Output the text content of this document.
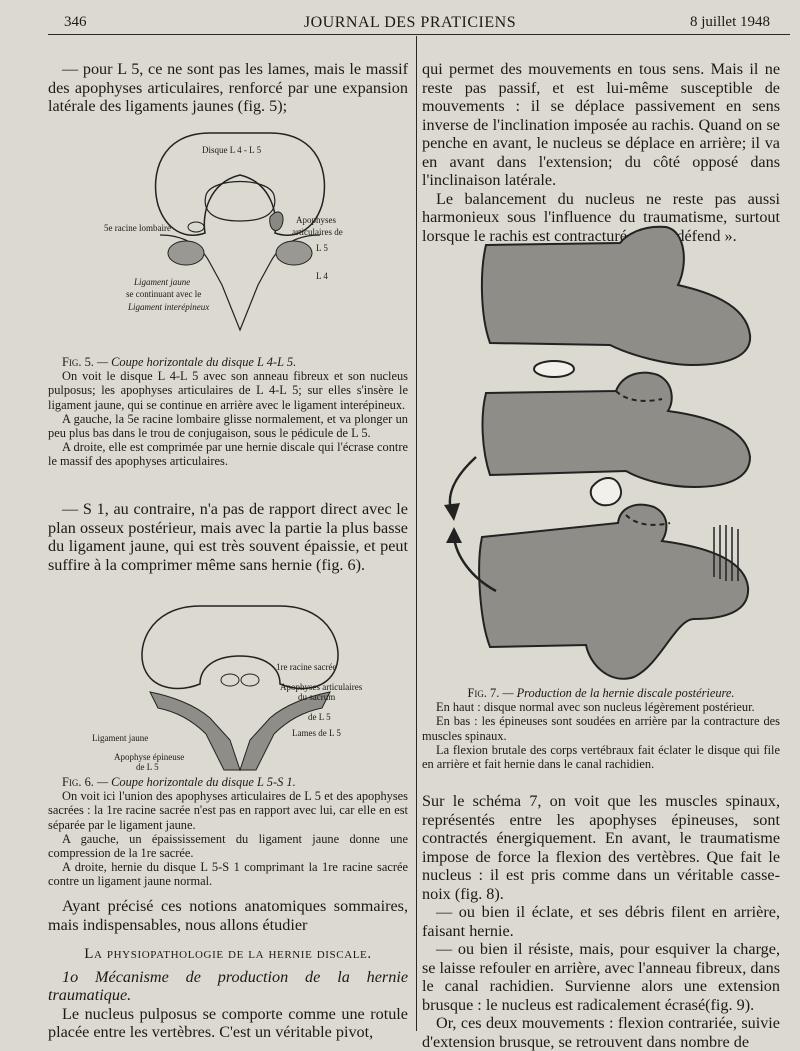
346	JOURNAL DES PRATICIENS	8 juillet 1948

— pour L 5, ce ne sont pas les lames, mais le massif des apophyses articulaires, renforcé par une expansion latérale des ligaments jaunes (fig. 5);

Disque L 4 - L 5
5e racine lombaire
Apophyses
articulaires de
L 5
L 4
Ligament jaune
se continuant avec le
Ligament interépineux

Fig. 5. — Coupe horizontale du disque L 4-L 5.

On voit le disque L 4-L 5 avec son anneau fibreux et son nucleus pulposus; les apophyses articulaires de L 4-L 5; sur elles s'insère le ligament jaune, qui se continue en arrière avec le ligament interépineux.

A gauche, la 5e racine lombaire glisse normalement, et va plonger un peu plus bas dans le trou de conjugaison, sous le pédicule de L 5.

A droite, elle est comprimée par une hernie discale qui l'écrase contre le massif des apophyses articulaires.

— S 1, au contraire, n'a pas de rapport direct avec le plan osseux postérieur, mais avec la partie la plus basse du ligament jaune, qui est très souvent épaissie, et peut suffire à la comprimer même sans hernie (fig. 6).

1re racine sacrée
Apophyses articulaires
du sacrum
de L 5
Lames de L 5
Ligament jaune
Apophyse épineuse
de L 5

Fig. 6. — Coupe horizontale du disque L 5-S 1.

On voit ici l'union des apophyses articulaires de L 5 et des apophyses sacrées : la 1re racine sacrée n'est pas en rapport avec lui, car elle en est séparée par le ligament jaune.

A gauche, un épaississement du ligament jaune donne une compression de la 1re sacrée.

A droite, hernie du disque L 5-S 1 comprimant la 1re racine sacrée contre un ligament jaune normal.

Ayant précisé ces notions anatomiques sommaires, mais indispensables, nous allons étudier

La physiopathologie de la hernie discale.

1o Mécanisme de production de la hernie traumatique.

Le nucleus pulposus se comporte comme une rotule placée entre les vertèbres. C'est un véritable pivot,

qui permet des mouvements en tous sens. Mais il ne reste pas passif, et est lui-même susceptible de mouvements : il se déplace passivement en sens inverse de l'inclination imposée au rachis. Quand on se penche en avant, le nucleus se déplace en arrière; il va en avant dans l'extension; du côté opposé dans l'inclinaison latérale.

Le balancement du nucleus ne reste pas aussi harmonieux sous l'influence du traumatisme, surtout lorsque le rachis est contracturé et « se défend ».

Fig. 7. — Production de la hernie discale postérieure.

En haut : disque normal avec son nucleus légèrement postérieur.

En bas : les épineuses sont soudées en arrière par la contracture des muscles spinaux.

La flexion brutale des corps vertébraux fait éclater le disque qui file en arrière et fait hernie dans le canal rachidien.

Sur le schéma 7, on voit que les muscles spinaux, représentés entre les apophyses épineuses, sont contractés énergiquement. En avant, le traumatisme impose de force la flexion des vertèbres. Que fait le nucleus : il est pris comme dans un véritable casse-noix (fig. 8).

— ou bien il éclate, et ses débris filent en arrière, faisant hernie.

— ou bien il résiste, mais, pour esquiver la charge, se laisse refouler en arrière, avec l'anneau fibreux, dans le canal rachidien. Survienne alors une extension brusque : le nucleus est radicalement écrasé(fig. 9).

Or, ces deux mouvements : flexion contrariée, suivie d'extension brusque, se retrouvent dans nombre de
